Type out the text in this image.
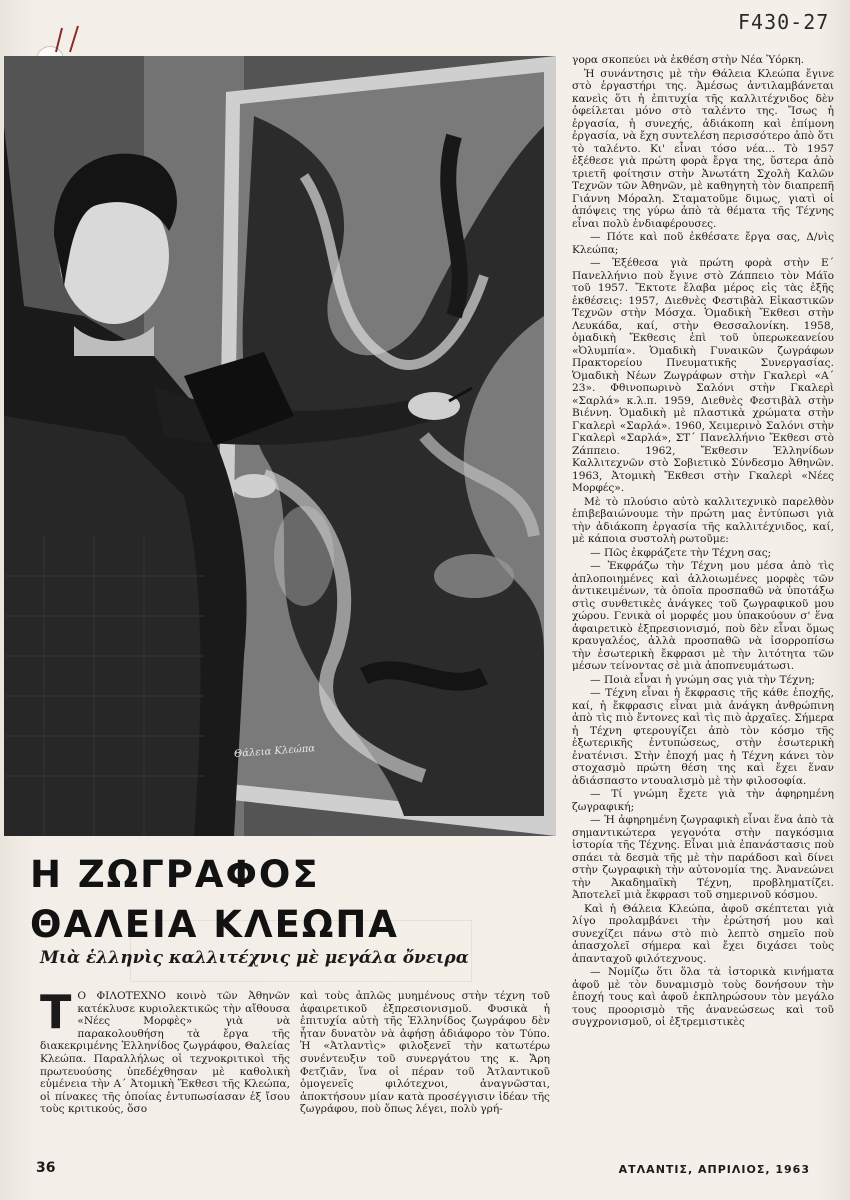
F430-27
Θάλεια Κλεώπα

γορα σκοπεύει νὰ ἐκθέση στὴν Νέα Ὑόρκη.

Ἡ συνάντησις μὲ τὴν Θάλεια Κλεώπα ἔγινε στὸ ἐργαστήρι της. Ἀμέσως ἀντιλαμβάνεται κανεὶς ὅτι ἡ ἐπιτυχία τῆς καλλιτέχνιδος δὲν ὀφείλεται μόνο στὸ ταλέντο της. Ἴσως ἡ ἐργασία, ἡ συνεχής, ἀδιάκοπη καὶ ἐπίμονη ἐργασία, νὰ ἔχη συντελέση περισσότερο ἀπὸ ὅτι τὸ ταλέντο. Κι' εἶναι τόσο νέα... Τὸ 1957 ἐξέθεσε γιὰ πρώτη φορὰ ἔργα της, ὕστερα ἀπὸ τριετῆ φοίτησιν στὴν Ἀνωτάτη Σχολὴ Καλῶν Τεχνῶν τῶν Ἀθηνῶν, μὲ καθηγητὴ τὸν διαπρεπῆ Γιάννη Μόραλη. Σταματοῦμε διμως, γιατὶ οἱ ἀπόψεις της γύρω ἀπὸ τὰ θέματα τῆς Τέχνης εἶναι πολὺ ἐνδιαφέρουσες.

— Πότε καὶ ποῦ ἐκθέσατε ἔργα σας, Δ/νὶς Κλεώπα;

— Ἐξέθεσα γιὰ πρώτη φορὰ στὴν Ε΄ Πανελλήνιο ποὺ ἔγινε στὸ Ζάππειο τὸν Μάϊο τοῦ 1957. Ἔκτοτε ἔλαβα μέρος εἰς τὰς ἑξῆς ἐκθέσεις: 1957, Διεθνὲς Φεστιβὰλ Εἰκαστικῶν Τεχνῶν στὴν Μόσχα. Ὁμαδικὴ Ἔκθεσι στὴν Λευκάδα, καί, στὴν Θεσσαλονίκη. 1958, ὁμαδικὴ Ἔκθεσις ἐπὶ τοῦ ὑπερωκεανείου «Ὀλυμπία». Ὁμαδικὴ Γυναικῶν ζωγράφων Πρακτορείου Πνευματικῆς Συνεργασίας. Ὁμαδικὴ Νέων Ζωγράφων στὴν Γκαλερὶ «Α΄ 23». Φθινοπωρινὸ Σαλόνι στὴν Γκαλερὶ «Σαρλά» κ.λ.π. 1959, Διεθνὲς Φεστιβὰλ στὴν Βιέννη. Ὁμαδικὴ μὲ πλαστικὰ χρώματα στὴν Γκαλερὶ «Σαρλά». 1960, Χειμερινὸ Σαλόνι στὴν Γκαλερὶ «Σαρλά», ΣΤ΄ Πανελλήνιο Ἔκθεσι στὸ Ζάππειο. 1962, Ἔκθεσιν Ἑλληνίδων Καλλιτεχνῶν στὸ Σοβιετικὸ Σύνδεσμο Ἀθηνῶν. 1963, Ἀτομικὴ Ἔκθεσι στὴν Γκαλερὶ «Νέες Μορφές».

Μὲ τὸ πλούσιο αὐτὸ καλλιτεχνικὸ παρελθὸν ἐπιβεβαιώνουμε τὴν πρώτη μας ἐντύπωσι γιὰ τὴν ἀδιάκοπη ἐργασία τῆς καλλιτέχνιδος, καί, μὲ κάποια συστολὴ ρωτοῦμε:

— Πῶς ἐκφράζετε τὴν Τέχνη σας;

— Ἐκφράζω τὴν Τέχνη μου μέσα ἀπὸ τὶς ἀπλοποιημένες καὶ ἀλλοιωμένες μορφὲς τῶν ἀντικειμένων, τὰ ὁποῖα προσπαθῶ νὰ ὑποτάξω στὶς συνθετικὲς ἀνάγκες τοῦ ζωγραφικοῦ μου χώρου. Γενικὰ οἱ μορφές μου ὑπακούουν σ' ἕνα ἀφαιρετικὸ ἐξπρεσιονισμό, ποὺ δὲν εἶναι ὅμως κραυγαλέος, ἀλλὰ προσπαθῶ νὰ ἰσορροπίσω τὴν ἐσωτερικὴ ἔκφρασι μὲ τὴν λιτότητα τῶν μέσων τείνοντας σὲ μιὰ ἀποπνευμάτωσι.

— Ποιὰ εἶναι ἡ γνώμη σας γιὰ τὴν Τέχνη;

— Τέχνη εἶναι ἡ ἔκφρασις τῆς κάθε ἐποχῆς, καί, ἡ ἔκφρασις εἶναι μιὰ ἀνάγκη ἀνθρώπινη ἀπὸ τὶς πιὸ ἔντονες καὶ τὶς πιὸ ἀρχαῖες. Σήμερα ἡ Τέχνη φτερουγίζει ἀπὸ τὸν κόσμο τῆς ἐξωτερικῆς ἐντυπώσεως, στὴν ἐσωτερικὴ ἐνατένισι. Στὴν ἐποχή μας ἡ Τέχνη κάνει τὸν στοχασμὸ πρώτη θέση της καὶ ἔχει ἕναν ἀδιάσπαστο ντουαλισμὸ μὲ τὴν φιλοσοφία.

— Τί γνώμη ἔχετε γιὰ τὴν ἀφηρημένη ζωγραφική;

— Ἡ ἀφηρημένη ζωγραφικὴ εἶναι ἕνα ἀπὸ τὰ σημαντικώτερα γεγονότα στὴν παγκόσμια ἱστορία τῆς Τέχνης. Εἶναι μιὰ ἐπανάστασις ποὺ σπάει τὰ δεσμὰ τῆς μὲ τὴν παράδοσι καὶ δίνει στὴν ζωγραφικὴ τὴν αὐτονομία της. Ἀνανεώνει τὴν Ἀκαδημαϊκὴ Τέχνη, προβληματίζει. Ἀποτελεῖ μιὰ ἔκφρασι τοῦ σημερινοῦ κόσμου.

Καὶ ἡ Θάλεια Κλεώπα, ἀφοῦ σκέπτεται γιὰ λίγο προλαμβάνει τὴν ἐρώτησή μου καὶ συνεχίζει πάνω στὸ πιὸ λεπτὸ σημεῖο ποὺ ἀπασχολεῖ σήμερα καὶ ἔχει διχάσει τοὺς ἀπανταχοῦ φιλότεχνους.

— Νομίζω ὅτι ὅλα τὰ ἱστορικὰ κινήματα ἀφοῦ μὲ τὸν δυναμισμὸ τοὺς δονήσουν τὴν ἐποχή τους καὶ ἀφοῦ ἐκπληρώσουν τὸν μεγάλο τους προορισμὸ τῆς ἀνανεώσεως καὶ τοῦ συγχρονισμοῦ, οἱ ἐξτρεμιστικὲς

Η ΖΩΓΡΑΦΟΣ
ΘΑΛΕΙΑ ΚΛΕΩΠΑ
Μιὰ ἑλληνὶς καλλιτέχνις μὲ μεγάλα ὄνειρα
Τ Ο ΦΙΛΟΤΕΧΝΟ κοινὸ τῶν Ἀθηνῶν κατέκλυσε κυριολεκτικῶς τὴν αἴθουσα «Νέες Μορφὲς» γιὰ νὰ παρακολουθήση τὰ ἔργα τῆς διακεκριμένης Ἑλληνίδος ζωγράφου, Θαλείας Κλεώπα. Παραλλήλως οἱ τεχνοκριτικοὶ τῆς πρωτευούσης ὑπεδέχθησαν μὲ καθολικὴ εὐμένεια τὴν Α΄ Ἀτομικὴ Ἔκθεσι τῆς Κλεώπα, οἱ πίνακες τῆς ὁποίας ἐντυπωσίασαν ἐξ ἴσου τοὺς κριτικούς, ὅσο
καὶ τοὺς ἁπλῶς μυημένους στὴν τέχνη τοῦ ἀφαιρετικοῦ ἐξπρεσιονισμοῦ. Φυσικὰ ἡ ἐπιτυχία αὐτὴ τῆς Ἑλληνίδος ζωγράφου δὲν ἦταν δυνατὸν νὰ ἀφήσῃ ἀδιάφορο τὸν Τύπο. Ἡ «Ἀτλαντὶς» φιλοξενεῖ τὴν κατωτέρω συνέντευξιν τοῦ συνεργάτου της κ. Ἄρη Φετζιᾶν, ἵνα οἱ πέραν τοῦ Ἀτλαντικοῦ ὁμογενεῖς φιλότεχνοι, ἀναγνῶσται, ἀποκτήσουν μίαν κατὰ προσέγγισιν ἰδέαν τῆς ζωγράφου, ποὺ ὅπως λέγει, πολὺ γρή-
36	ΑΤΛΑΝΤΙΣ, ΑΠΡΙΛΙΟΣ, 1963
